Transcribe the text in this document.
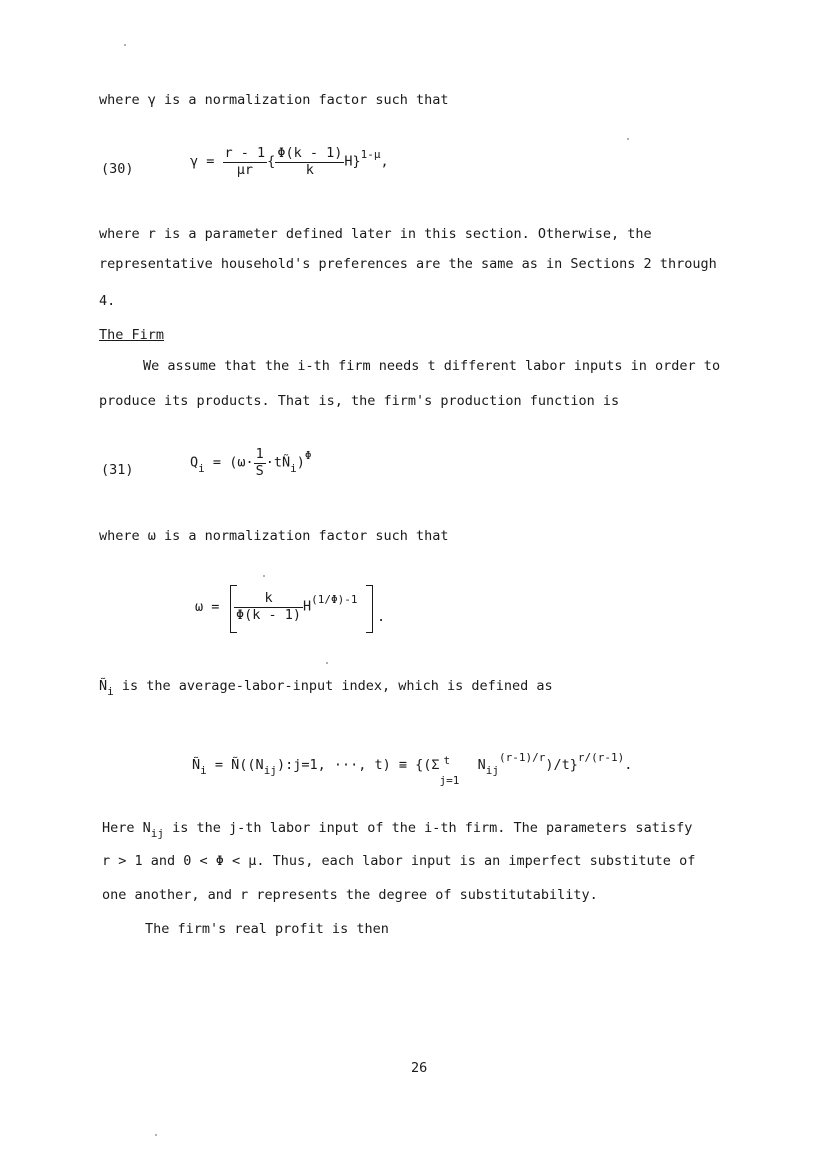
where γ is a normalization factor such that
(30)	$\gamma = \frac{r - 1}{\mu r}$ { $\frac{\Phi(k - 1)}{k} H\}^{1-\mu}$,
where r is a parameter defined later in this section. Otherwise, the
representative household's preferences are the same as in Sections 2 through
4.
The Firm
We assume that the i-th firm needs t different labor inputs in order to
produce its products. That is, the firm's production function is
(31)	$Q_i = (\omega\cdot \frac{1}{S}$ $\cdot tÑ_i)^\Phi$
where ω is a normalization factor such that
$\omega = \frac{k}{\Phi(k - 1)} H^{(1/\Phi)-1}$
.
$Ñ_i$ is the average-labor-input index, which is defined as
$Ñ_i$ = $Ñ((N_{ij}):j=1$, ···, t) ≡ {(Σ t
j=1
$N_{ij}^{(r-1)/r})/t\}^{r/(r-1)}$.
Here $N_{ij}$ is the j-th labor input of the i-th firm. The parameters satisfy
r > 1 and 0 < Φ < μ. Thus, each labor input is an imperfect substitute of
one another, and r represents the degree of substitutability.
The firm's real profit is then
26
